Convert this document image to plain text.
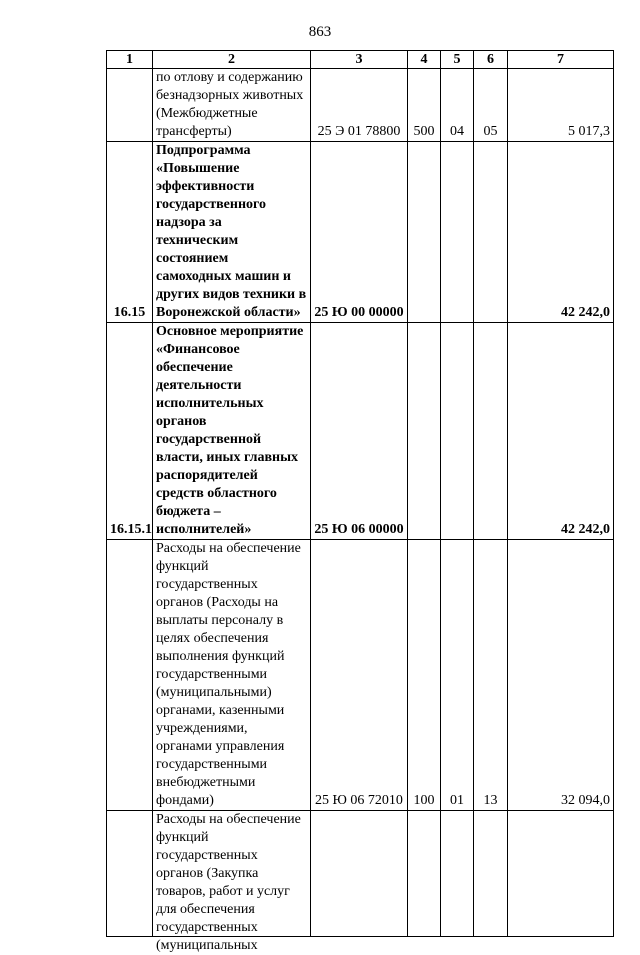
863
1	2	3	4	5	6	7
	по отлову и содержанию безнадзорных животных (Межбюджетные трансферты)	25 Э 01 78800	500	04	05	5 017,3
16.15	Подпрограмма «Повышение эффективности государственного надзора за техническим состоянием самоходных машин и других видов техники в Воронежской области»	25 Ю 00 00000				42 242,0
16.15.1	Основное мероприятие «Финансовое обеспечение деятельности исполнительных органов государственной власти, иных главных распорядителей средств областного бюджета – исполнителей»	25 Ю 06 00000				42 242,0
	Расходы на обеспечение функций государственных органов (Расходы на выплаты персоналу в целях обеспечения выполнения функций государственными (муниципальными) органами, казенными учреждениями, органами управления государственными внебюджетными фондами)	25 Ю 06 72010	100	01	13	32 094,0

	Расходы на обеспечение функций государственных органов (Закупка товаров, работ и услуг для обеспечения государственных (муниципальных					
